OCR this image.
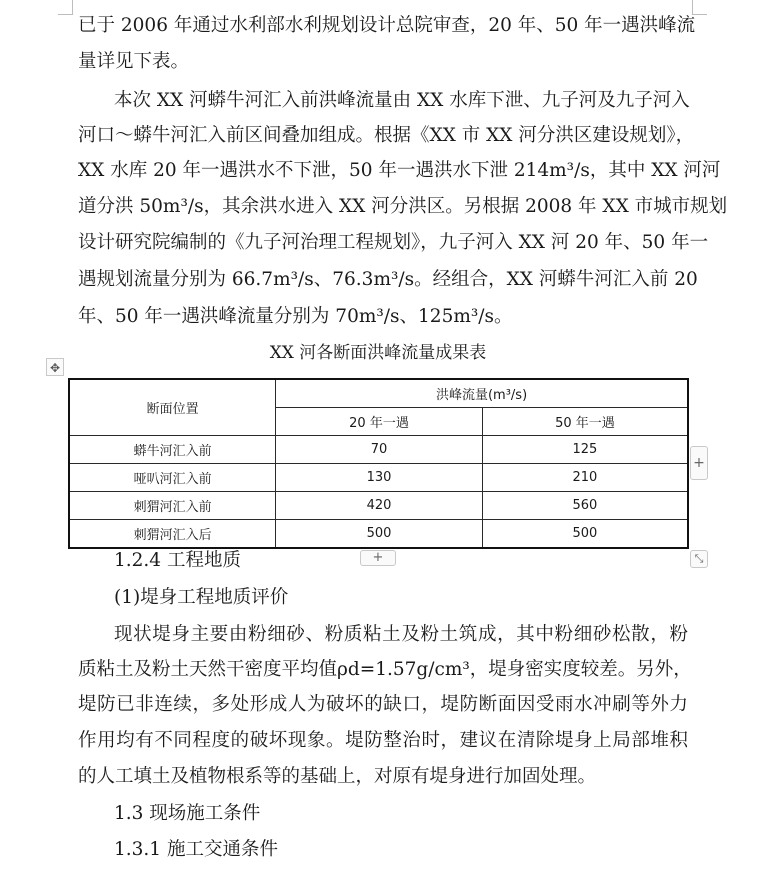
已于 2006 年通过水利部水利规划设计总院审查，20 年、50 年一遇洪峰流
量详见下表。
本次 XX 河蟒牛河汇入前洪峰流量由 XX 水库下泄、九子河及九子河入
河口～蟒牛河汇入前区间叠加组成。根据《XX 市 XX 河分洪区建设规划》，
XX 水库 20 年一遇洪水不下泄，50 年一遇洪水下泄 214m³/s，其中 XX 河河
道分洪 50m³/s，其余洪水进入 XX 河分洪区。另根据 2008 年 XX 市城市规划
设计研究院编制的《九子河治理工程规划》，九子河入 XX 河 20 年、50 年一
遇规划流量分别为 66.7m³/s、76.3m³/s。经组合，XX 河蟒牛河汇入前 20
年、50 年一遇洪峰流量分别为 70m³/s、125m³/s。
XX 河各断面洪峰流量成果表
✥
断面位置	洪峰流量(m³/s)	
	20 年一遇	50 年一遇
蟒牛河汇入前	70	125
哑叭河汇入前	130	210
刺猬河汇入前	420	560
刺猬河汇入后	500	500
+
+	⤡
1.2.4 工程地质
(1)堤身工程地质评价
现状堤身主要由粉细砂、粉质粘土及粉土筑成，其中粉细砂松散，粉
质粘土及粉土天然干密度平均值ρd=1.57g/cm³，堤身密实度较差。另外，
堤防已非连续，多处形成人为破坏的缺口，堤防断面因受雨水冲刷等外力
作用均有不同程度的破坏现象。堤防整治时，建议在清除堤身上局部堆积
的人工填土及植物根系等的基础上，对原有堤身进行加固处理。
1.3 现场施工条件
1.3.1 施工交通条件
